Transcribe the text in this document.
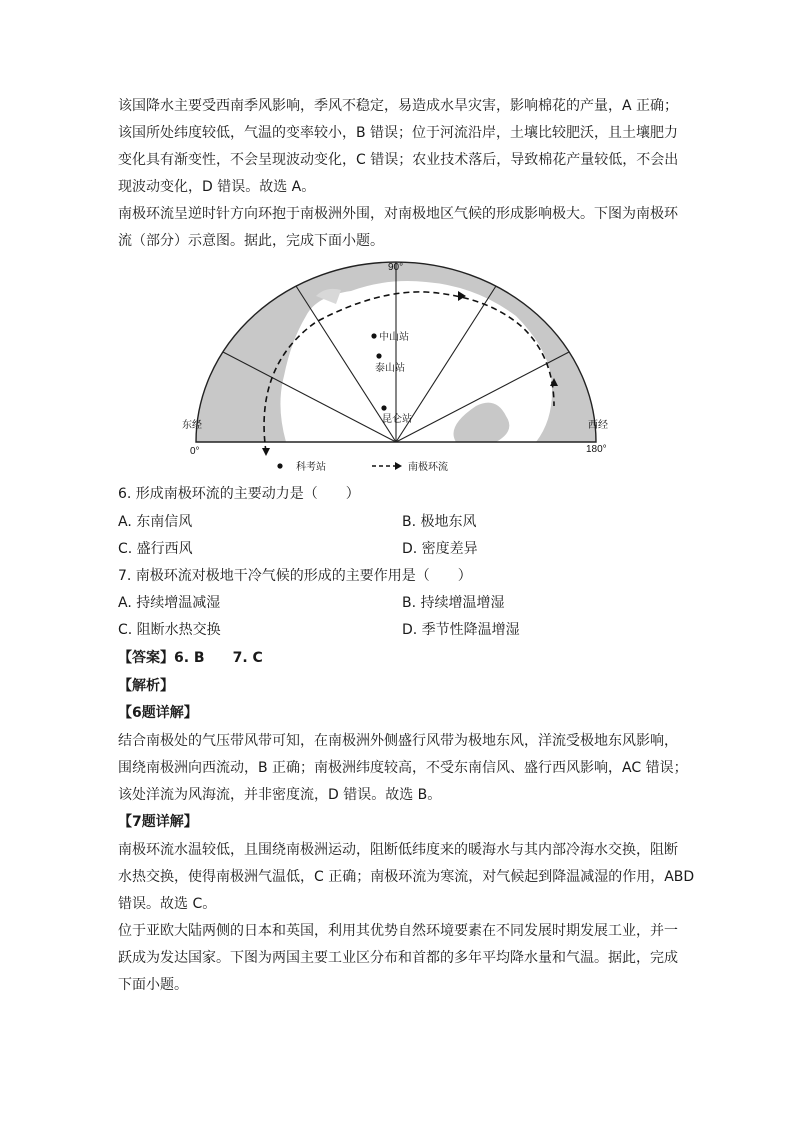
该国降水主要受西南季风影响，季风不稳定，易造成水旱灾害，影响棉花的产量，A 正确；
该国所处纬度较低，气温的变率较小，B 错误；位于河流沿岸，土壤比较肥沃，且土壤肥力
变化具有渐变性，不会呈现波动变化，C 错误；农业技术落后，导致棉花产量较低，不会出
现波动变化，D 错误。故选 A。
南极环流呈逆时针方向环抱于南极洲外围，对南极地区气候的形成影响极大。下图为南极环
流（部分）示意图。据此，完成下面小题。
中山站
泰山站
昆仑站
90°
东经
0°
西经
180°
科考站	南极环流
6. 形成南极环流的主要动力是（　　）
A. 东南信风	B. 极地东风
C. 盛行西风	D. 密度差异
7. 南极环流对极地干冷气候的形成的主要作用是（　　）
A. 持续增温减湿	B. 持续增温增湿
C. 阻断水热交换	D. 季节性降温增湿
【答案】6. B　　7. C
【解析】
【6题详解】
结合南极处的气压带风带可知，在南极洲外侧盛行风带为极地东风，洋流受极地东风影响，
围绕南极洲向西流动，B 正确；南极洲纬度较高，不受东南信风、盛行西风影响，AC 错误；
该处洋流为风海流，并非密度流，D 错误。故选 B。
【7题详解】
南极环流水温较低，且围绕南极洲运动，阻断低纬度来的暖海水与其内部冷海水交换，阻断
水热交换，使得南极洲气温低，C 正确；南极环流为寒流，对气候起到降温减湿的作用，ABD
错误。故选 C。
位于亚欧大陆两侧的日本和英国，利用其优势自然环境要素在不同发展时期发展工业，并一
跃成为发达国家。下图为两国主要工业区分布和首都的多年平均降水量和气温。据此，完成
下面小题。
